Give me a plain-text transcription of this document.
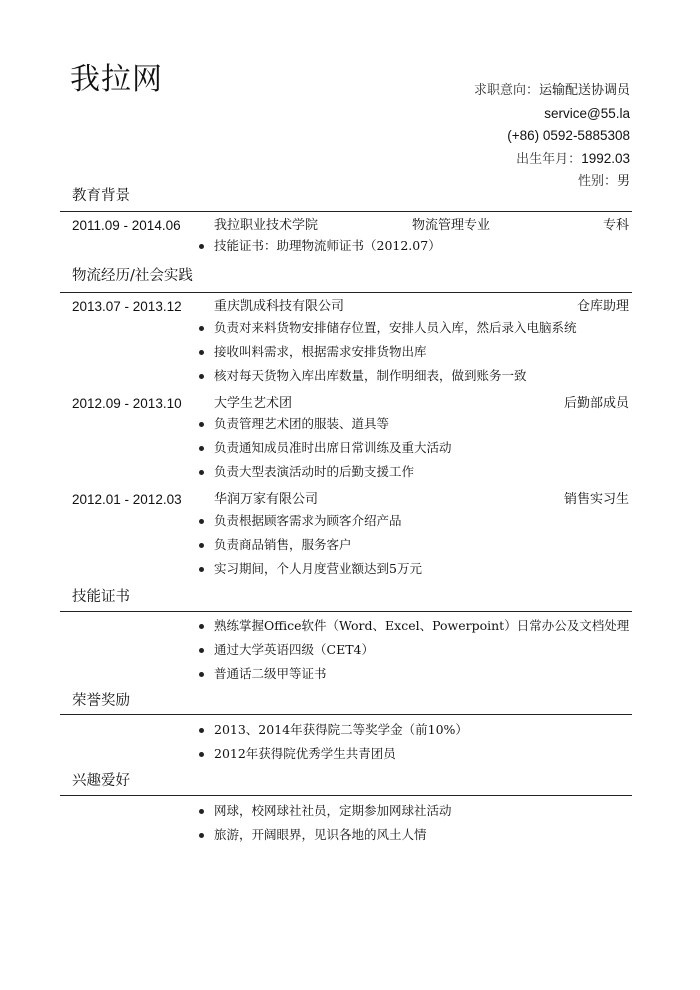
我拉网	求职意向：运输配送协调员
service@55.la
(+86) 0592-5885308
出生年月：1992.03
性别：男
教育背景
2011.09 - 2014.06	我拉职业技术学院	物流管理专业	专科
技能证书：助理物流师证书（2012.07）
物流经历/社会实践
2013.07 - 2013.12 重庆凯成科技有限公司	仓库助理
负责对来料货物安排储存位置，安排人员入库，然后录入电脑系统
接收叫料需求，根据需求安排货物出库
核对每天货物入库出库数量，制作明细表，做到账务一致
2012.09 - 2013.10 大学生艺术团	后勤部成员
负责管理艺术团的服装、道具等
负责通知成员准时出席日常训练及重大活动
负责大型表演活动时的后勤支援工作
2012.01 - 2012.03 华润万家有限公司	销售实习生
负责根据顾客需求为顾客介绍产品
负责商品销售，服务客户
实习期间，个人月度营业额达到5万元
技能证书
熟练掌握Office软件（Word、Excel、Powerpoint）日常办公及文档处理
通过大学英语四级（CET4）
普通话二级甲等证书
荣誉奖励
2013、2014年获得院二等奖学金（前10%）
2012年获得院优秀学生共青团员
兴趣爱好
网球，校网球社社员，定期参加网球社活动
旅游，开阔眼界，见识各地的风土人情
